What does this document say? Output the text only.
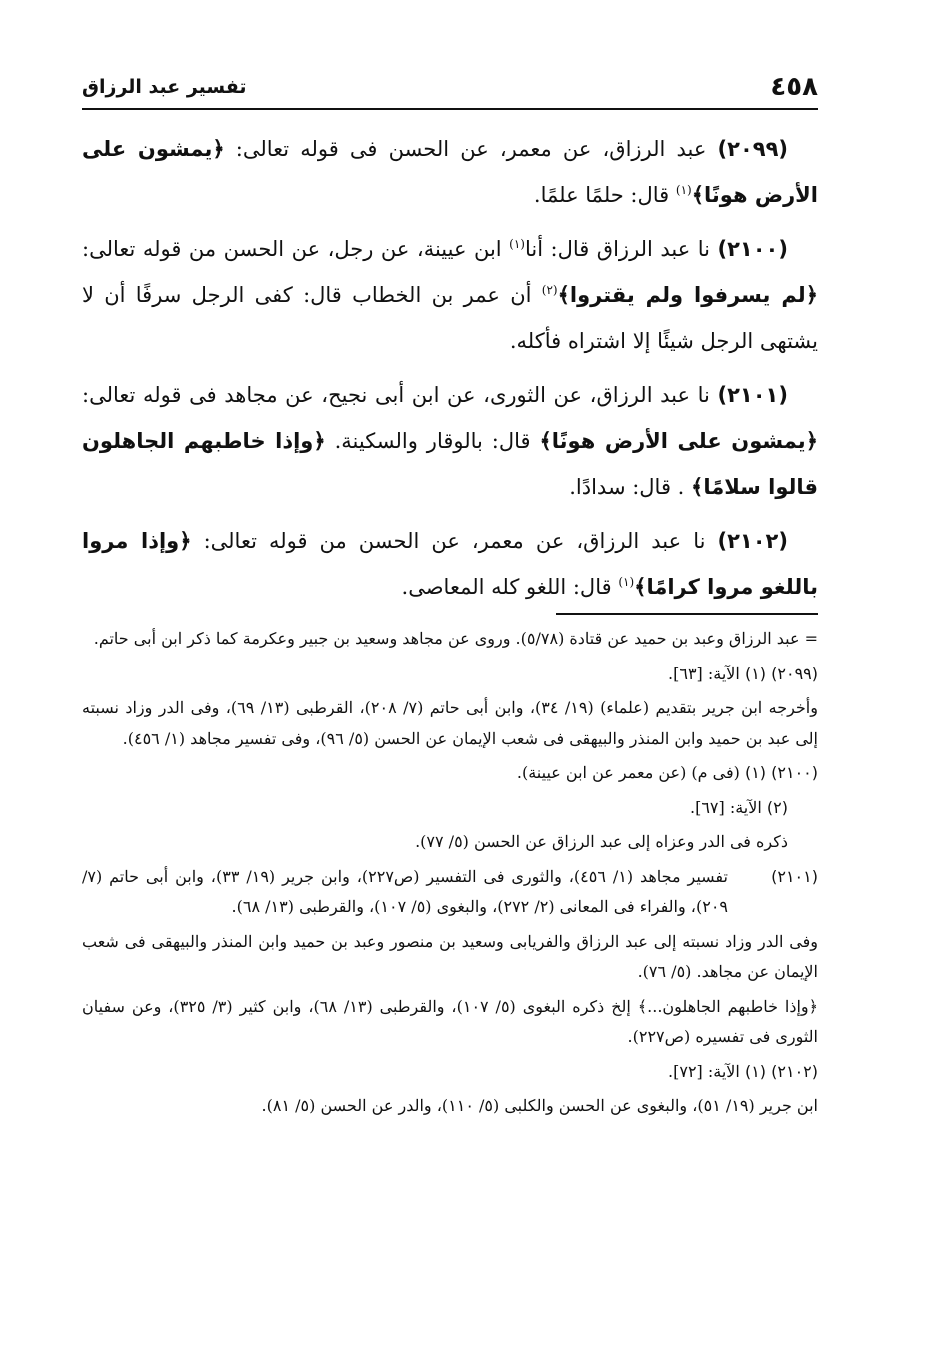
٤٥٨
تفسير عبد الرزاق

(٢٠٩٩) عبد الرزاق، عن معمر، عن الحسن فى قوله تعالى: ﴿يمشون على الأرض هونًا﴾$^{(١)}$ قال: حلمًا علمًا.

(٢١٠٠) نا عبد الرزاق قال: أنا$^{(١)}$ ابن عيينة، عن رجل، عن الحسن من قوله تعالى: ﴿لم يسرفوا ولم يقتروا﴾$^{(٢)}$ أن عمر بن الخطاب قال: كفى الرجل سرفًا أن لا يشتهى الرجل شيئًا إلا اشتراه فأكله.

(٢١٠١) نا عبد الرزاق، عن الثورى، عن ابن أبى نجيح، عن مجاهد فى قوله تعالى: ﴿يمشون على الأرض هونًا﴾ قال: بالوقار والسكينة. ﴿وإذا خاطبهم الجاهلون قالوا سلامًا﴾ . قال: سدادًا.

(٢١٠٢) نا عبد الرزاق، عن معمر، عن الحسن من قوله تعالى: ﴿وإذا مروا باللغو مروا كرامًا﴾$^{(١)}$ قال: اللغو كله المعاصى.

= عبد الرزاق وعبد بن حميد عن قتادة (٥/٧٨). وروى عن مجاهد وسعيد بن جبير وعكرمة كما ذكر ابن أبى حاتم.

(٢٠٩٩) (١) الآية: [٦٣].

وأخرجه ابن جرير بتقديم (علماء) (١٩/ ٣٤)، وابن أبى حاتم (٧/ ٢٠٨)، القرطبى (١٣/ ٦٩)، وفى الدر وزاد نسبته إلى عبد بن حميد وابن المنذر والبيهقى فى شعب الإيمان عن الحسن (٥/ ٩٦)، وفى تفسير مجاهد (١/ ٤٥٦).

(٢١٠٠) (١) (فى م) (عن معمر عن ابن عيينة).

(٢) الآية: [٦٧].

ذكره فى الدر وعزاه إلى عبد الرزاق عن الحسن (٥/ ٧٧).

(٢١٠١)تفسير مجاهد (١/ ٤٥٦)، والثورى فى التفسير (ص٢٢٧)، وابن جرير (١٩/ ٣٣)، وابن أبى حاتم (٧/ ٢٠٩)، والفراء فى المعانى (٢/ ٢٧٢)، والبغوى (٥/ ١٠٧)، والقرطبى (١٣/ ٦٨).

وفى الدر وزاد نسبته إلى عبد الرزاق والفريابى وسعيد بن منصور وعبد بن حميد وابن المنذر والبيهقى فى شعب الإيمان عن مجاهد. (٥/ ٧٦).

﴿وإذا خاطبهم الجاهلون...﴾ إلخ ذكره البغوى (٥/ ١٠٧)، والقرطبى (١٣/ ٦٨)، وابن كثير (٣/ ٣٢٥)، وعن سفيان الثورى فى تفسيره (ص٢٢٧).

(٢١٠٢) (١) الآية: [٧٢].

ابن جرير (١٩/ ٥١)، والبغوى عن الحسن والكلبى (٥/ ١١٠)، والدر عن الحسن (٥/ ٨١).
